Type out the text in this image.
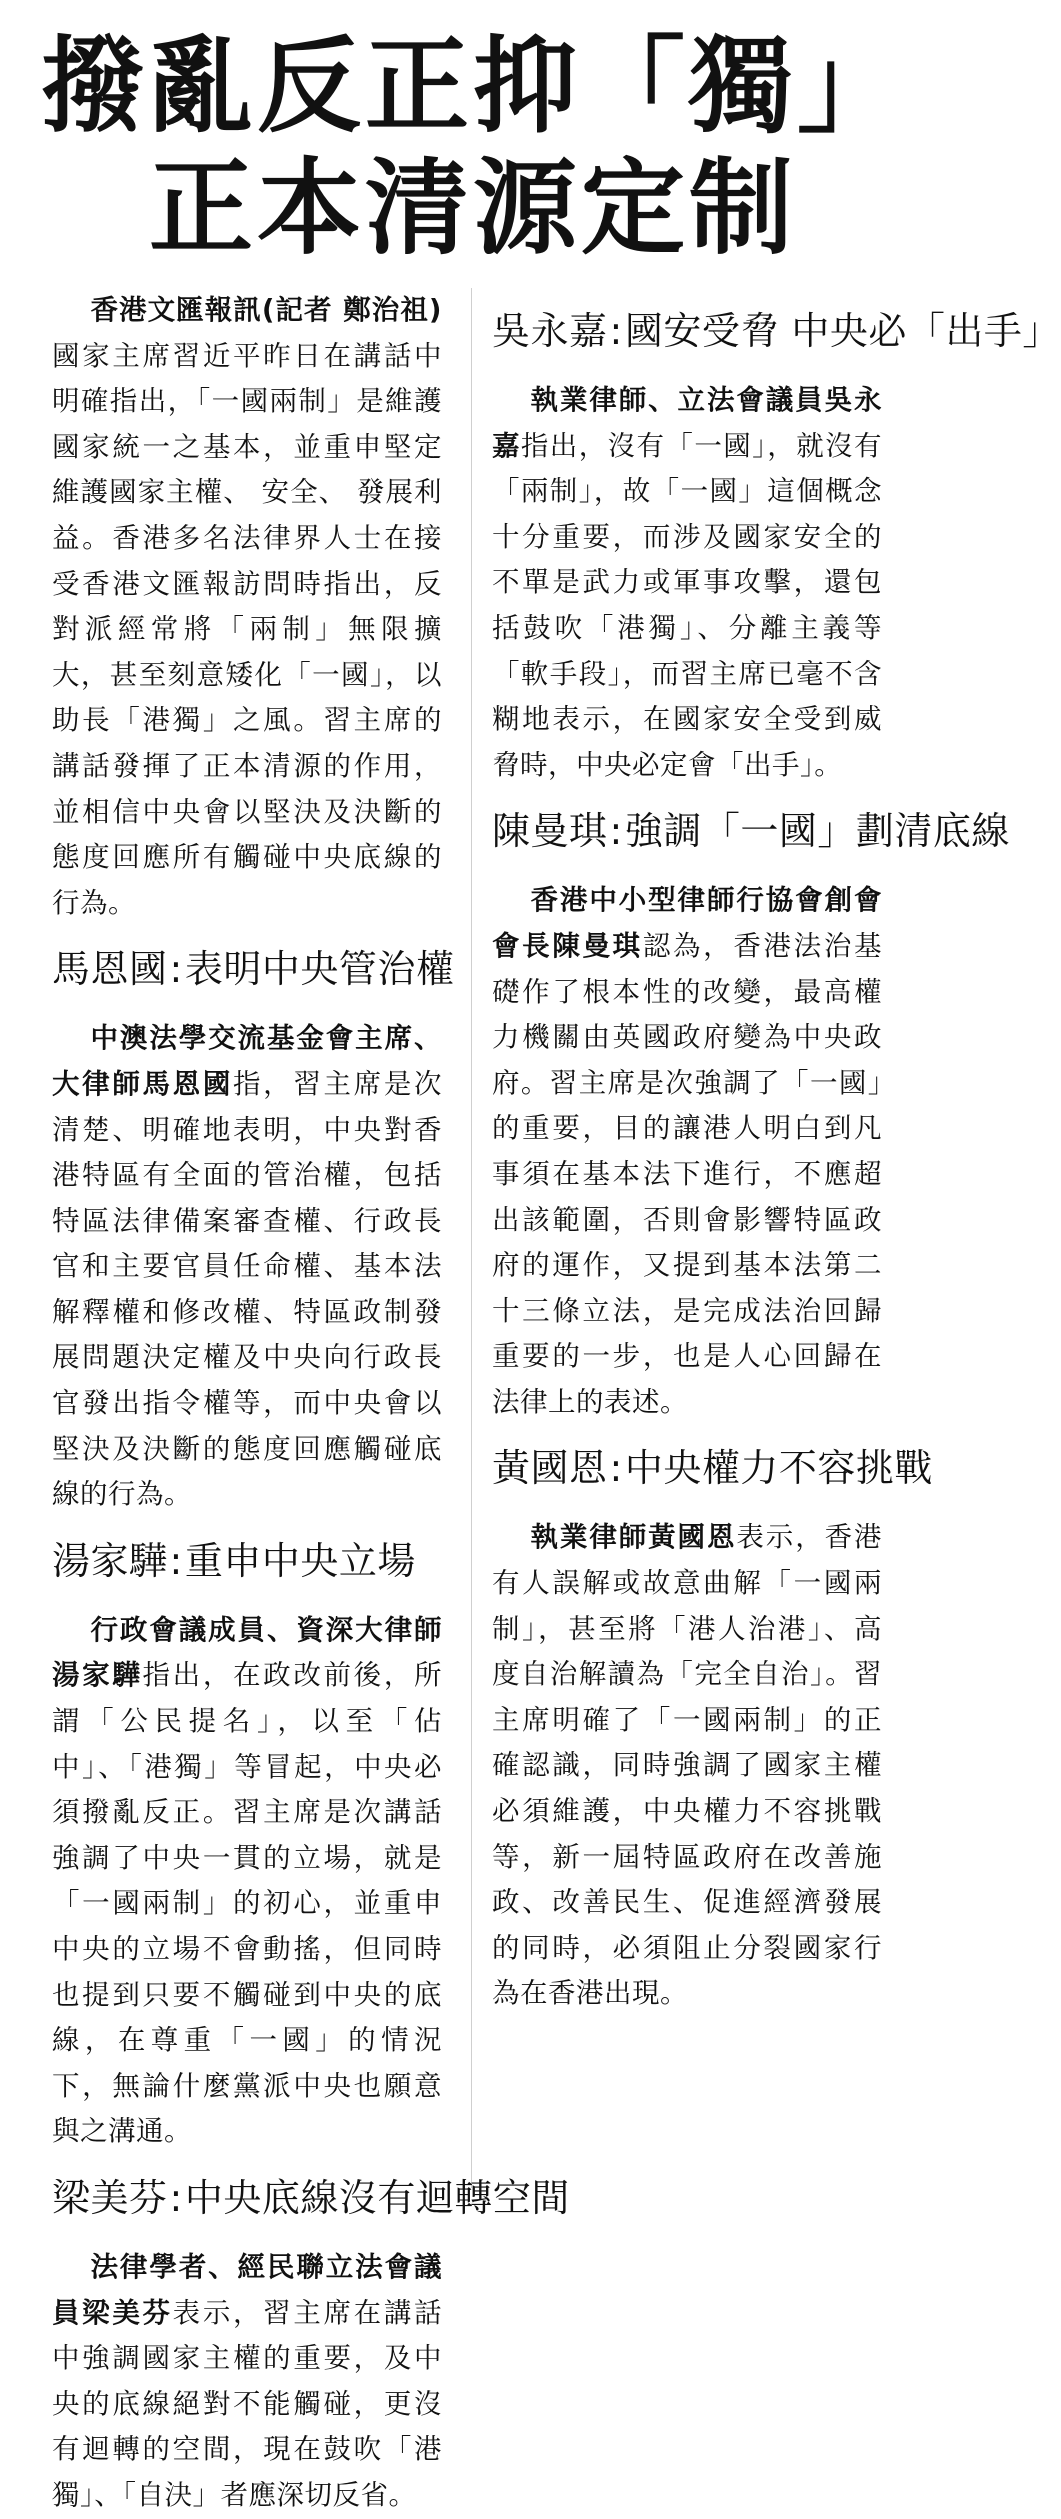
撥亂反正抑「獨」
正本清源定制

香港文匯報訊(記者 鄭治祖)國家主席習近平昨日在講話中明確指出，「一國兩制」是維護國家統一之基本，並重申堅定維護國家主權、 安全、 發展利益。香港多名法律界人士在接受香港文匯報訪問時指出，反對派經常將「兩制」無限擴大，甚至刻意矮化「一國」，以助長「港獨」之風。習主席的講話發揮了正本清源的作用，並相信中央會以堅決及決斷的態度回應所有觸碰中央底線的行為。

馬恩國:表明中央管治權

中澳法學交流基金會主席、大律師馬恩國指，習主席是次清楚、明確地表明，中央對香港特區有全面的管治權，包括特區法律備案審查權、行政長官和主要官員任命權、基本法解釋權和修改權、特區政制發展問題決定權及中央向行政長官發出指令權等，而中央會以堅決及決斷的態度回應觸碰底線的行為。

湯家驊:重申中央立場

行政會議成員、資深大律師湯家驊指出，在政改前後，所謂「公民提名」，以至「佔中」、「港獨」等冒起，中央必須撥亂反正。習主席是次講話強調了中央一貫的立場，就是「一國兩制」的初心，並重申中央的立場不會動搖，但同時也提到只要不觸碰到中央的底線，在尊重「一國」的情況下，無論什麼黨派中央也願意與之溝通。

梁美芬:中央底線沒有迴轉空間

法律學者、經民聯立法會議員梁美芬表示，習主席在講話中強調國家主權的重要，及中央的底線絕對不能觸碰，更沒有迴轉的空間，現在鼓吹「港獨」、「自決」者應深切反省。

吳永嘉:國安受脅 中央必「出手」

執業律師、立法會議員吳永嘉指出，沒有「一國」，就沒有「兩制」，故「一國」這個概念十分重要，而涉及國家安全的不單是武力或軍事攻擊，還包括鼓吹「港獨」、分離主義等「軟手段」，而習主席已毫不含糊地表示，在國家安全受到威脅時，中央必定會「出手」。

陳曼琪:強調「一國」劃清底線

香港中小型律師行協會創會會長陳曼琪認為，香港法治基礎作了根本性的改變，最高權力機關由英國政府變為中央政府。習主席是次強調了「一國」的重要，目的讓港人明白到凡事須在基本法下進行，不應超出該範圍，否則會影響特區政府的運作，又提到基本法第二十三條立法，是完成法治回歸重要的一步，也是人心回歸在法律上的表述。

黃國恩:中央權力不容挑戰

執業律師黃國恩表示，香港有人誤解或故意曲解「一國兩制」，甚至將「港人治港」、高度自治解讀為「完全自治」。習主席明確了「一國兩制」的正確認識，同時強調了國家主權必須維護，中央權力不容挑戰等，新一屆特區政府在改善施政、改善民生、促進經濟發展的同時，必須阻止分裂國家行為在香港出現。
